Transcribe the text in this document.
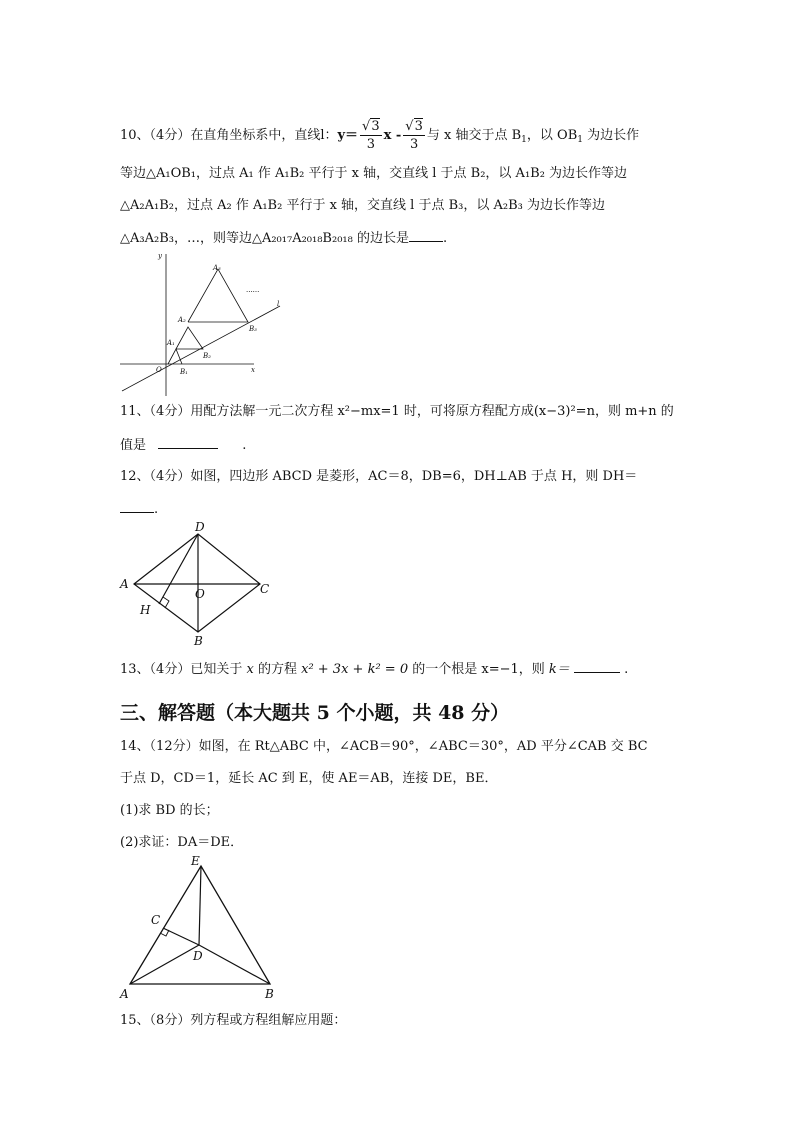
10、（4分）在直角坐标系中，直线l：$y= \frac{√3}{3}$ x - $\frac{√3}{3}$ 与 x 轴交于点 $B_1$，以 $OB_1$ 为边长作
等边△A₁OB₁，过点 A₁ 作 A₁B₂ 平行于 x 轴，交直线 l 于点 B₂，以 A₁B₂ 为边长作等边
△A₂A₁B₂，过点 A₂ 作 A₁B₂ 平行于 x 轴，交直线 l 于点 B₃，以 A₂B₃ 为边长作等边
△A₃A₂B₃，…，则等边△A₂₀₁₇A₂₀₁₈B₂₀₁₈ 的边长是	.
y
x
O
l
A₁
A₂
A₃
B₁
B₂
B₃
......
11、（4分）用配方法解一元二次方程 x²−mx=1 时，可将原方程配方成(x−3)²=n，则 m+n 的
值是	.
12、（4分）如图，四边形 ABCD 是菱形，AC＝8，DB=6，DH⊥AB 于点 H，则 DH＝
.
D
A	C
O
H
B
13、（4分）已知关于 x 的方程 x² + 3x + k² = 0 的一个根是 x=−1，则 k＝	.
三、解答题（本大题共 5 个小题，共 48 分）
14、（12分）如图，在 Rt△ABC 中，∠ACB＝90°，∠ABC＝30°，AD 平分∠CAB 交 BC
于点 D，CD＝1，延长 AC 到 E，使 AE＝AB，连接 DE，BE．
(1)求 BD 的长；
(2)求证：DA＝DE．
E
C
D
A	B
15、（8分）列方程或方程组解应用题：
